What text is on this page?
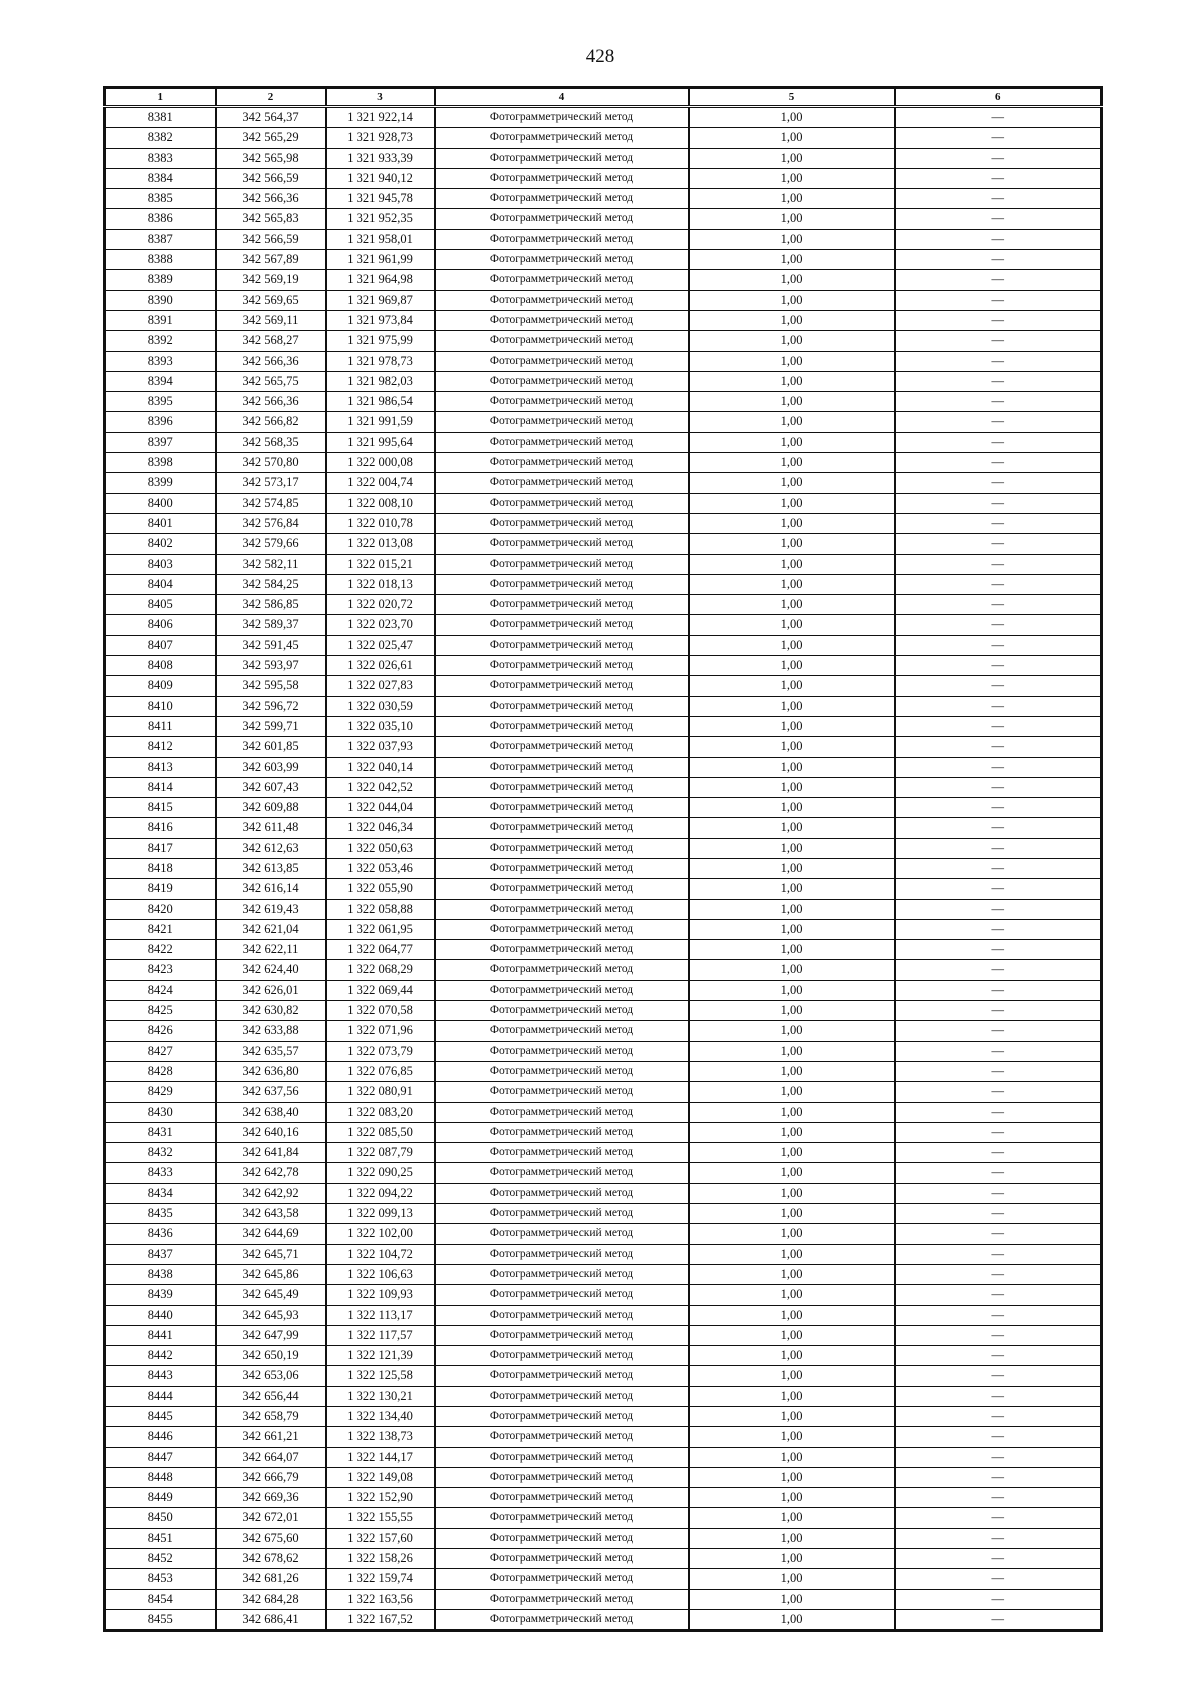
428
1	2	3	4	5	6
8381	342 564,37	1 321 922,14	Фотограмметрический метод	1,00	—
8382	342 565,29	1 321 928,73	Фотограмметрический метод	1,00	—
8383	342 565,98	1 321 933,39	Фотограмметрический метод	1,00	—
8384	342 566,59	1 321 940,12	Фотограмметрический метод	1,00	—
8385	342 566,36	1 321 945,78	Фотограмметрический метод	1,00	—
8386	342 565,83	1 321 952,35	Фотограмметрический метод	1,00	—
8387	342 566,59	1 321 958,01	Фотограмметрический метод	1,00	—
8388	342 567,89	1 321 961,99	Фотограмметрический метод	1,00	—
8389	342 569,19	1 321 964,98	Фотограмметрический метод	1,00	—
8390	342 569,65	1 321 969,87	Фотограмметрический метод	1,00	—
8391	342 569,11	1 321 973,84	Фотограмметрический метод	1,00	—
8392	342 568,27	1 321 975,99	Фотограмметрический метод	1,00	—
8393	342 566,36	1 321 978,73	Фотограмметрический метод	1,00	—
8394	342 565,75	1 321 982,03	Фотограмметрический метод	1,00	—
8395	342 566,36	1 321 986,54	Фотограмметрический метод	1,00	—
8396	342 566,82	1 321 991,59	Фотограмметрический метод	1,00	—
8397	342 568,35	1 321 995,64	Фотограмметрический метод	1,00	—
8398	342 570,80	1 322 000,08	Фотограмметрический метод	1,00	—
8399	342 573,17	1 322 004,74	Фотограмметрический метод	1,00	—
8400	342 574,85	1 322 008,10	Фотограмметрический метод	1,00	—
8401	342 576,84	1 322 010,78	Фотограмметрический метод	1,00	—
8402	342 579,66	1 322 013,08	Фотограмметрический метод	1,00	—
8403	342 582,11	1 322 015,21	Фотограмметрический метод	1,00	—
8404	342 584,25	1 322 018,13	Фотограмметрический метод	1,00	—
8405	342 586,85	1 322 020,72	Фотограмметрический метод	1,00	—
8406	342 589,37	1 322 023,70	Фотограмметрический метод	1,00	—
8407	342 591,45	1 322 025,47	Фотограмметрический метод	1,00	—
8408	342 593,97	1 322 026,61	Фотограмметрический метод	1,00	—
8409	342 595,58	1 322 027,83	Фотограмметрический метод	1,00	—
8410	342 596,72	1 322 030,59	Фотограмметрический метод	1,00	—
8411	342 599,71	1 322 035,10	Фотограмметрический метод	1,00	—
8412	342 601,85	1 322 037,93	Фотограмметрический метод	1,00	—
8413	342 603,99	1 322 040,14	Фотограмметрический метод	1,00	—
8414	342 607,43	1 322 042,52	Фотограмметрический метод	1,00	—
8415	342 609,88	1 322 044,04	Фотограмметрический метод	1,00	—
8416	342 611,48	1 322 046,34	Фотограмметрический метод	1,00	—
8417	342 612,63	1 322 050,63	Фотограмметрический метод	1,00	—
8418	342 613,85	1 322 053,46	Фотограмметрический метод	1,00	—
8419	342 616,14	1 322 055,90	Фотограмметрический метод	1,00	—
8420	342 619,43	1 322 058,88	Фотограмметрический метод	1,00	—
8421	342 621,04	1 322 061,95	Фотограмметрический метод	1,00	—
8422	342 622,11	1 322 064,77	Фотограмметрический метод	1,00	—
8423	342 624,40	1 322 068,29	Фотограмметрический метод	1,00	—
8424	342 626,01	1 322 069,44	Фотограмметрический метод	1,00	—
8425	342 630,82	1 322 070,58	Фотограмметрический метод	1,00	—
8426	342 633,88	1 322 071,96	Фотограмметрический метод	1,00	—
8427	342 635,57	1 322 073,79	Фотограмметрический метод	1,00	—
8428	342 636,80	1 322 076,85	Фотограмметрический метод	1,00	—
8429	342 637,56	1 322 080,91	Фотограмметрический метод	1,00	—
8430	342 638,40	1 322 083,20	Фотограмметрический метод	1,00	—
8431	342 640,16	1 322 085,50	Фотограмметрический метод	1,00	—
8432	342 641,84	1 322 087,79	Фотограмметрический метод	1,00	—
8433	342 642,78	1 322 090,25	Фотограмметрический метод	1,00	—
8434	342 642,92	1 322 094,22	Фотограмметрический метод	1,00	—
8435	342 643,58	1 322 099,13	Фотограмметрический метод	1,00	—
8436	342 644,69	1 322 102,00	Фотограмметрический метод	1,00	—
8437	342 645,71	1 322 104,72	Фотограмметрический метод	1,00	—
8438	342 645,86	1 322 106,63	Фотограмметрический метод	1,00	—
8439	342 645,49	1 322 109,93	Фотограмметрический метод	1,00	—
8440	342 645,93	1 322 113,17	Фотограмметрический метод	1,00	—
8441	342 647,99	1 322 117,57	Фотограмметрический метод	1,00	—
8442	342 650,19	1 322 121,39	Фотограмметрический метод	1,00	—
8443	342 653,06	1 322 125,58	Фотограмметрический метод	1,00	—
8444	342 656,44	1 322 130,21	Фотограмметрический метод	1,00	—
8445	342 658,79	1 322 134,40	Фотограмметрический метод	1,00	—
8446	342 661,21	1 322 138,73	Фотограмметрический метод	1,00	—
8447	342 664,07	1 322 144,17	Фотограмметрический метод	1,00	—
8448	342 666,79	1 322 149,08	Фотограмметрический метод	1,00	—
8449	342 669,36	1 322 152,90	Фотограмметрический метод	1,00	—
8450	342 672,01	1 322 155,55	Фотограмметрический метод	1,00	—
8451	342 675,60	1 322 157,60	Фотограмметрический метод	1,00	—
8452	342 678,62	1 322 158,26	Фотограмметрический метод	1,00	—
8453	342 681,26	1 322 159,74	Фотограмметрический метод	1,00	—
8454	342 684,28	1 322 163,56	Фотограмметрический метод	1,00	—
8455	342 686,41	1 322 167,52	Фотограмметрический метод	1,00	—
